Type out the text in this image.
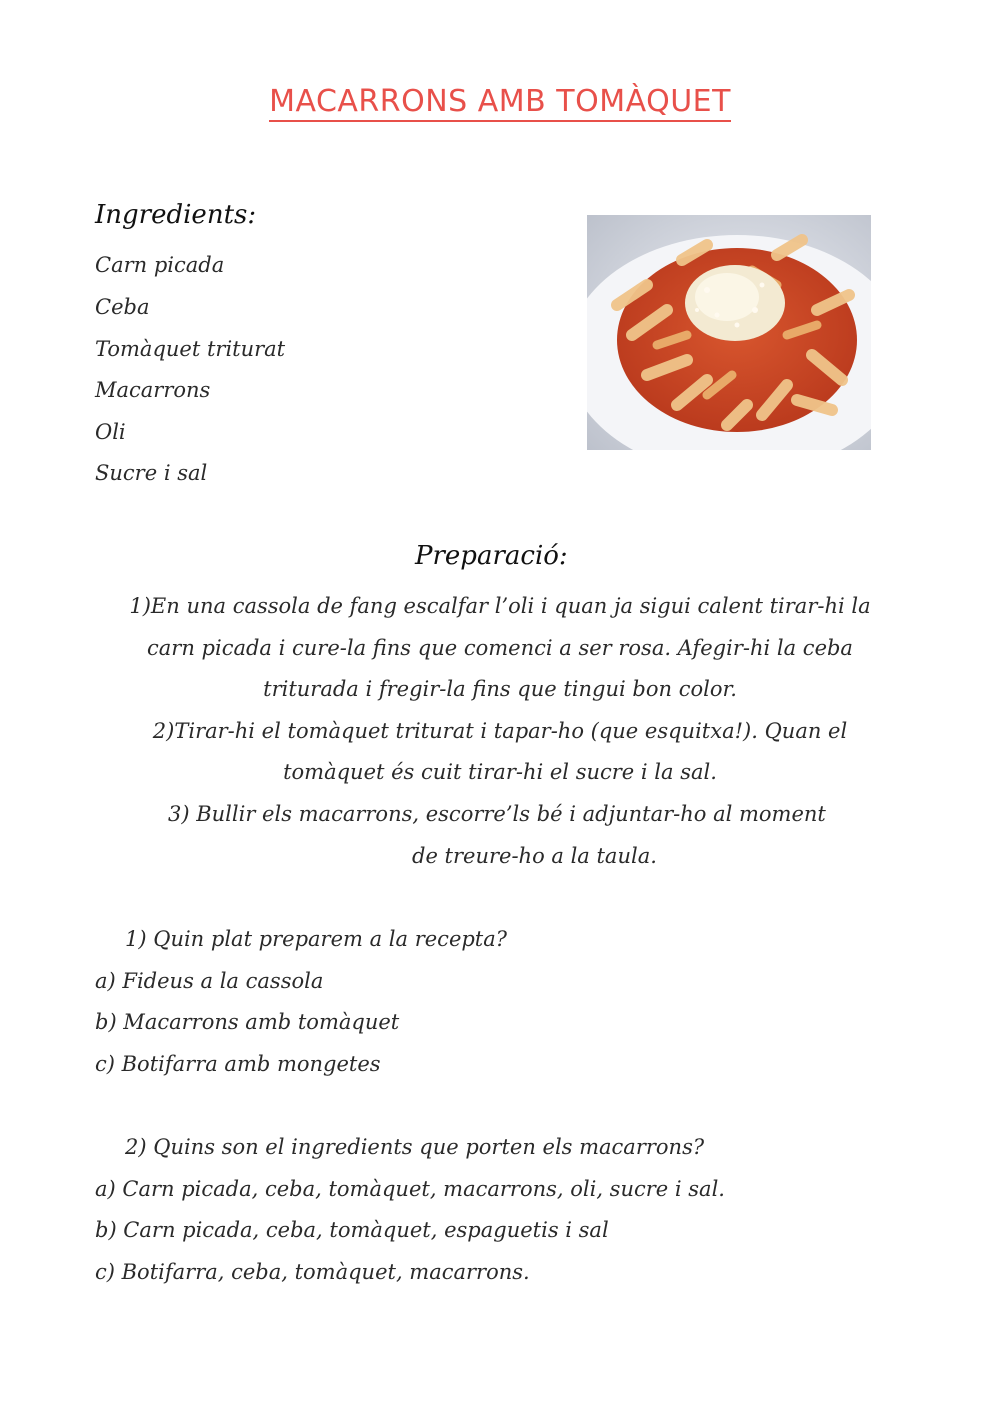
MACARRONS AMB TOMÀQUET
Ingredients:
Carn picada
Ceba
Tomàquet triturat
Macarrons
Oli
Sucre i sal
Preparació:
1)En una cassola de fang escalfar l’oli i quan ja sigui calent tirar-hi la
carn picada i cure-la fins que comenci a ser rosa. Afegir-hi la ceba
triturada i fregir-la fins que tingui bon color.
2)Tirar-hi el tomàquet triturat i tapar-ho (que esquitxa!). Quan el
tomàquet és cuit tirar-hi el sucre i la sal.
3) Bullir els macarrons, escorre’ls bé i adjuntar-ho al moment
de treure-ho a la taula.
1) Quin plat preparem a la recepta?
a) Fideus a la cassola
b) Macarrons amb tomàquet
c) Botifarra amb mongetes
2) Quins son el ingredients que porten els macarrons?
a) Carn picada, ceba, tomàquet, macarrons, oli, sucre i sal.
b) Carn picada, ceba, tomàquet, espaguetis i sal
c) Botifarra, ceba, tomàquet, macarrons.
